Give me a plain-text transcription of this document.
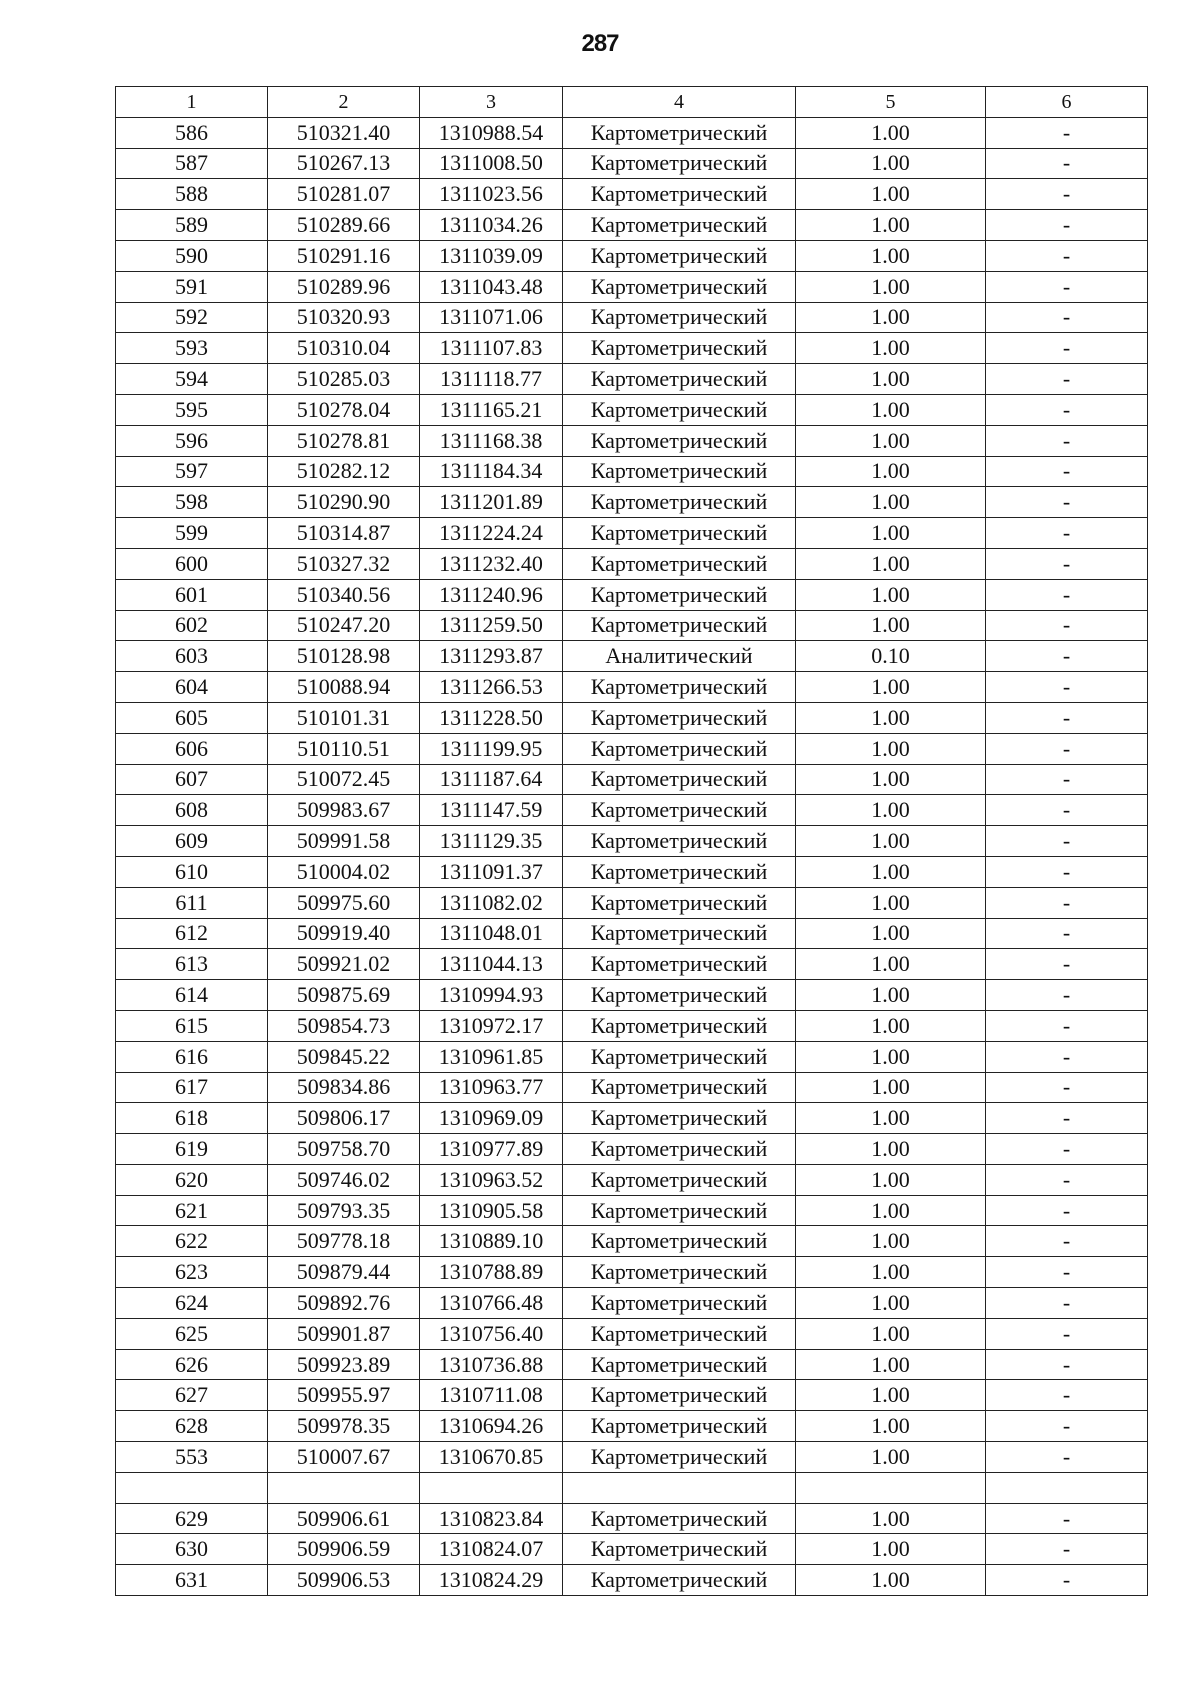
287
1	2	3	4	5	6
586	510321.40	1310988.54	Картометрический	1.00	-
587	510267.13	1311008.50	Картометрический	1.00	-
588	510281.07	1311023.56	Картометрический	1.00	-
589	510289.66	1311034.26	Картометрический	1.00	-
590	510291.16	1311039.09	Картометрический	1.00	-
591	510289.96	1311043.48	Картометрический	1.00	-
592	510320.93	1311071.06	Картометрический	1.00	-
593	510310.04	1311107.83	Картометрический	1.00	-
594	510285.03	1311118.77	Картометрический	1.00	-
595	510278.04	1311165.21	Картометрический	1.00	-
596	510278.81	1311168.38	Картометрический	1.00	-
597	510282.12	1311184.34	Картометрический	1.00	-
598	510290.90	1311201.89	Картометрический	1.00	-
599	510314.87	1311224.24	Картометрический	1.00	-
600	510327.32	1311232.40	Картометрический	1.00	-
601	510340.56	1311240.96	Картометрический	1.00	-
602	510247.20	1311259.50	Картометрический	1.00	-
603	510128.98	1311293.87	Аналитический	0.10	-
604	510088.94	1311266.53	Картометрический	1.00	-
605	510101.31	1311228.50	Картометрический	1.00	-
606	510110.51	1311199.95	Картометрический	1.00	-
607	510072.45	1311187.64	Картометрический	1.00	-
608	509983.67	1311147.59	Картометрический	1.00	-
609	509991.58	1311129.35	Картометрический	1.00	-
610	510004.02	1311091.37	Картометрический	1.00	-
611	509975.60	1311082.02	Картометрический	1.00	-
612	509919.40	1311048.01	Картометрический	1.00	-
613	509921.02	1311044.13	Картометрический	1.00	-
614	509875.69	1310994.93	Картометрический	1.00	-
615	509854.73	1310972.17	Картометрический	1.00	-
616	509845.22	1310961.85	Картометрический	1.00	-
617	509834.86	1310963.77	Картометрический	1.00	-
618	509806.17	1310969.09	Картометрический	1.00	-
619	509758.70	1310977.89	Картометрический	1.00	-
620	509746.02	1310963.52	Картометрический	1.00	-
621	509793.35	1310905.58	Картометрический	1.00	-
622	509778.18	1310889.10	Картометрический	1.00	-
623	509879.44	1310788.89	Картометрический	1.00	-
624	509892.76	1310766.48	Картометрический	1.00	-
625	509901.87	1310756.40	Картометрический	1.00	-
626	509923.89	1310736.88	Картометрический	1.00	-
627	509955.97	1310711.08	Картометрический	1.00	-
628	509978.35	1310694.26	Картометрический	1.00	-
553	510007.67	1310670.85	Картометрический	1.00	-

629	509906.61	1310823.84	Картометрический	1.00	-
630	509906.59	1310824.07	Картометрический	1.00	-
631	509906.53	1310824.29	Картометрический	1.00	-
